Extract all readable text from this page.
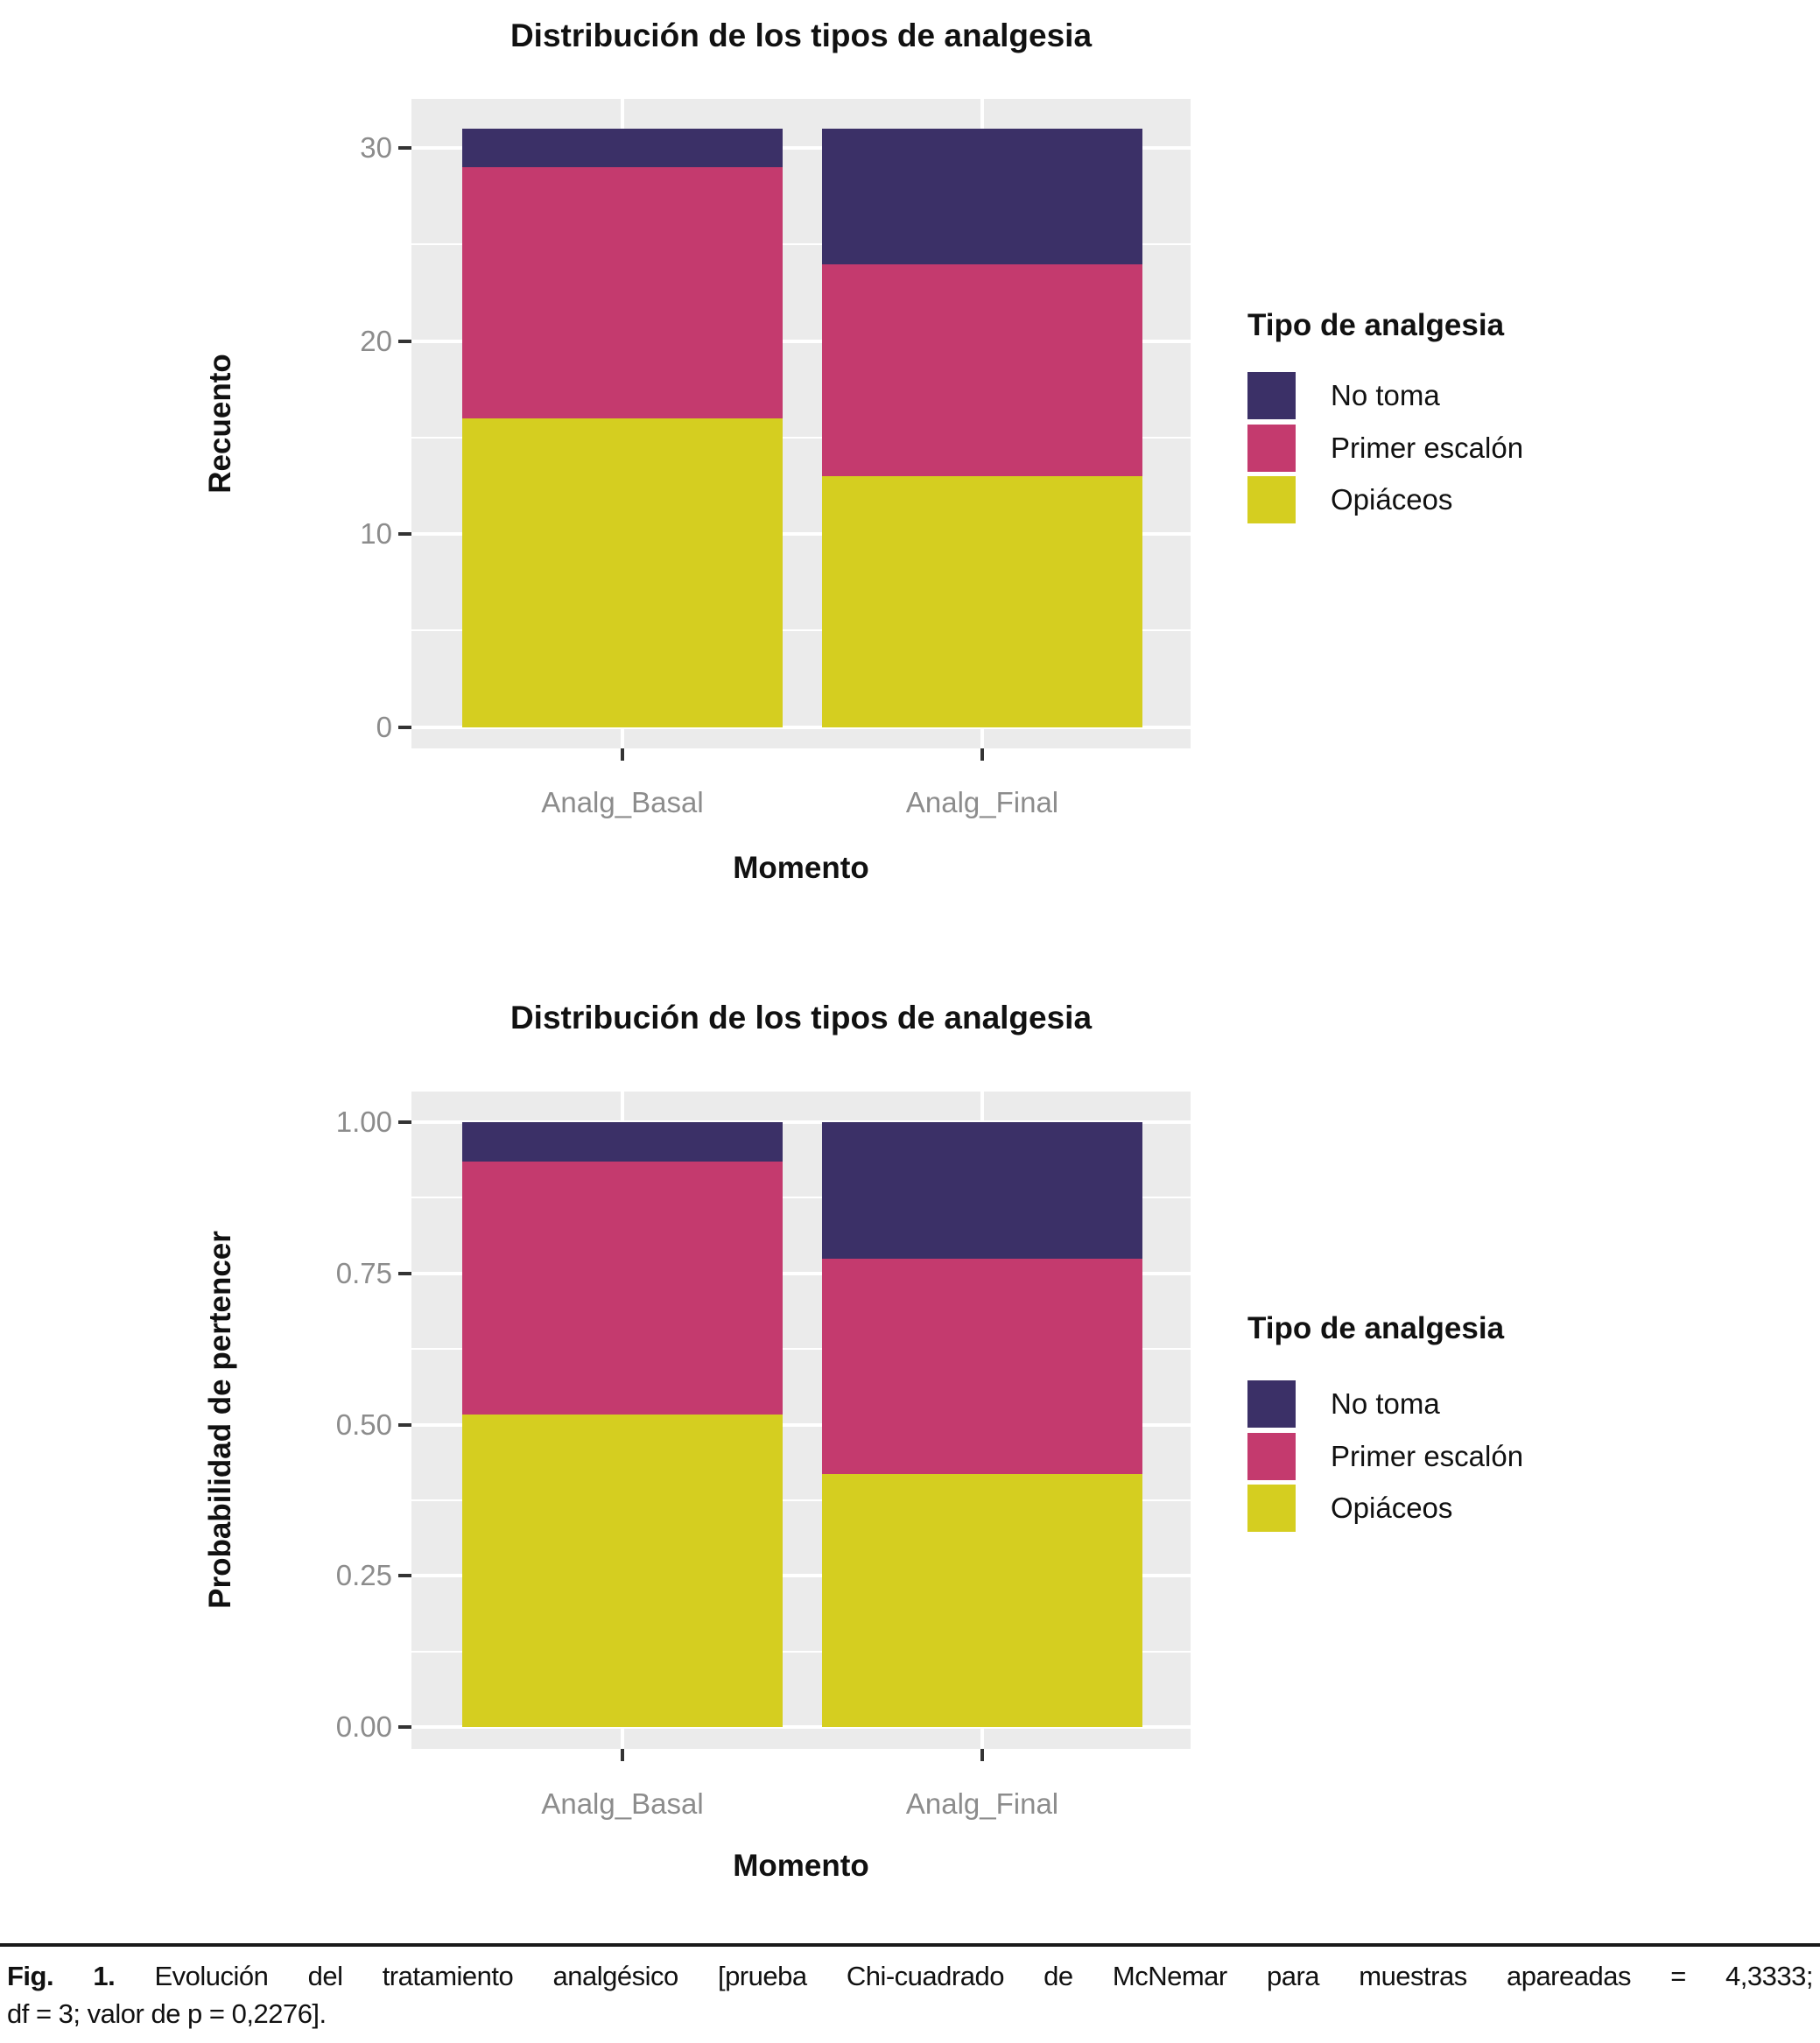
Distribución de los tipos de analgesia
Recuento
0
10
20
30
Analg_Basal	Analg_Final
Momento
Tipo de analgesia
No toma
Primer escalón
Opiáceos
Distribución de los tipos de analgesia
Probabilidad de pertencer
0.00
0.25
0.50
0.75
1.00
Analg_Basal	Analg_Final
Momento
Tipo de analgesia
No toma
Primer escalón
Opiáceos
Fig. 1. Evolución del tratamiento analgésico [prueba Chi-cuadrado de McNemar para muestras apareadas = 4,3333;
df = 3; valor de p = 0,2276].
